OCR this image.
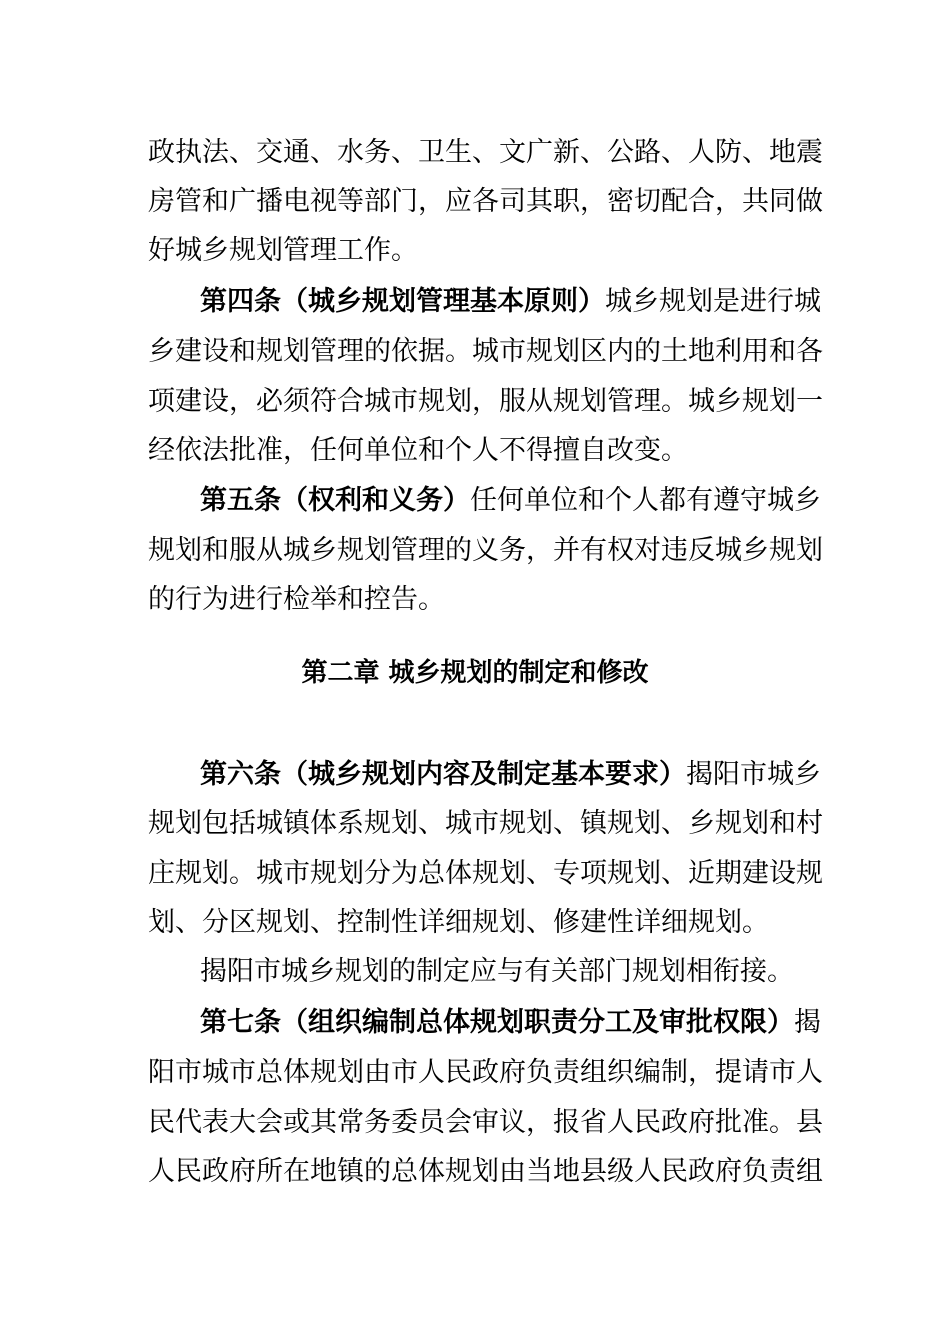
政执法、交通、水务、卫生、文广新、公路、人防、地震
房管和广播电视等部门，应各司其职，密切配合，共同做
好城乡规划管理工作。
第四条（城乡规划管理基本原则）城乡规划是进行城
乡建设和规划管理的依据。城市规划区内的土地利用和各
项建设，必须符合城市规划，服从规划管理。城乡规划一
经依法批准，任何单位和个人不得擅自改变。
第五条（权利和义务）任何单位和个人都有遵守城乡
规划和服从城乡规划管理的义务，并有权对违反城乡规划
的行为进行检举和控告。
第二章 城乡规划的制定和修改
第六条（城乡规划内容及制定基本要求）揭阳市城乡
规划包括城镇体系规划、城市规划、镇规划、乡规划和村
庄规划。城市规划分为总体规划、专项规划、近期建设规
划、分区规划、控制性详细规划、修建性详细规划。
揭阳市城乡规划的制定应与有关部门规划相衔接。
第七条（组织编制总体规划职责分工及审批权限）揭
阳市城市总体规划由市人民政府负责组织编制，提请市人
民代表大会或其常务委员会审议，报省人民政府批准。县
人民政府所在地镇的总体规划由当地县级人民政府负责组
